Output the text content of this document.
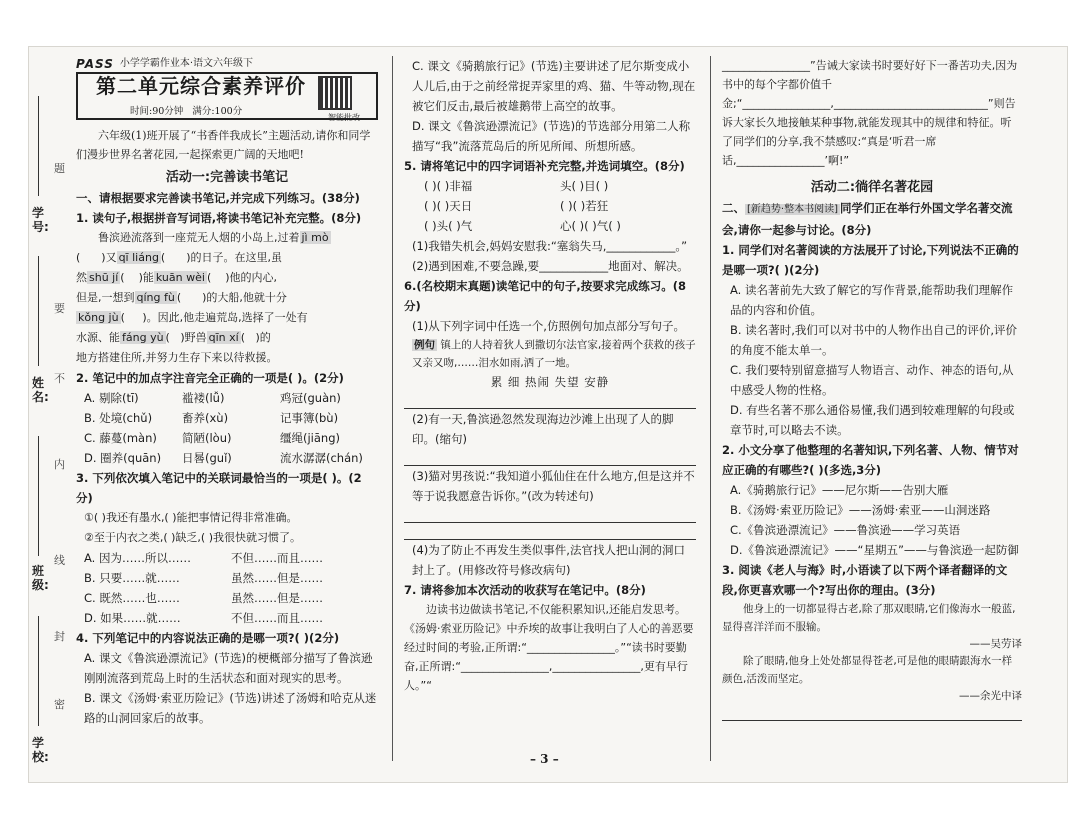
学号:
姓名:
班级:
学校:
题
要
不
内
线
封
密
PASS 小学学霸作业本·语文六年级下
第二单元综合素养评价
时间:90分钟 满分:100分
智能批改

六年级(1)班开展了“书香伴我成长”主题活动,请你和同学们漫步世界名著花园,一起探索更广阔的天地吧!

活动一:完善读书笔记
一、请根据要求完善读书笔记,并完成下列练习。(38分)
1. 读句子,根据拼音写词语,将读书笔记补充完整。(8分)
鲁滨逊流落到一座荒无人烟的小岛上,过着 jì mò
( )又 qī liáng ( )的日子。在这里,虽
然 shū jí ( )能 kuān wèi ( )他的内心,
但是,一想到 qíng fù ( )的大船,他就十分
kǒng jù ( )。因此,他走遍荒岛,选择了一处有
水源、能 fáng yù ( )野兽 qīn xí ( )的
地方搭建住所,并努力生存下来以待救援。
2. 笔记中的加点字注音完全正确的一项是( )。(2分)
A. 剔除(tī)	褴褛(lǚ)	鸡冠(guàn)
B. 处境(chǔ)	畜养(xù)	记事簿(bù)
C. 藤蔓(màn)	简陋(lòu)	缰绳(jiāng)
D. 圈养(quān)	日晷(guǐ)	流水潺潺(chán)
3. 下列依次填入笔记中的关联词最恰当的一项是( )。(2分)
①( )我还有墨水,( )能把事情记得非常准确。
②至于内衣之类,( )缺乏,( )我很快就习惯了。
A. 因为……所以……	不但……而且……
B. 只要……就……	虽然……但是……
C. 既然……也……	虽然……但是……
D. 如果……就……	不但……而且……
4. 下列笔记中的内容说法正确的是哪一项?( )(2分)
A. 课文《鲁滨逊漂流记》(节选)的梗概部分描写了鲁滨逊刚刚流落到荒岛上时的生活状态和面对现实的思考。
B. 课文《汤姆·索亚历险记》(节选)讲述了汤姆和哈克从迷路的山洞回家后的故事。
C. 课文《骑鹅旅行记》(节选)主要讲述了尼尔斯变成小人儿后,由于之前经常捉弄家里的鸡、猫、牛等动物,现在被它们反击,最后被雄鹅带上高空的故事。
D. 课文《鲁滨逊漂流记》(节选)的节选部分用第二人称描写“我”流落荒岛后的所见所闻、所想所感。
5. 请将笔记中的四字词语补充完整,并选词填空。(8分)
( )( )非福	头( )目( )
( )( )天日	( )( )若狂
( )头( )气	心( )( )气( )
(1)我错失机会,妈妈安慰我:“塞翁失马,____________。”
(2)遇到困难,不要急躁,要____________地面对、解决。
6.(名校期末真题)读笔记中的句子,按要求完成练习。(8分)
(1)从下列字词中任选一个,仿照例句加点部分写句子。
例句 镇上的人持着狄人到撒切尔法官家,接着两个获救的孩子又亲又吻,……泪水如雨,洒了一地。
累 细 热闹 失望 安静
(2)有一天,鲁滨逊忽然发现海边沙滩上出现了人的脚印。(缩句)
(3)猫对男孩说:“我知道小狐仙住在什么地方,但是这并不等于说我愿意告诉你。”(改为转述句)
(4)为了防止不再发生类似事件,法官找人把山洞的洞口封上了。(用修改符号修改病句)
7. 请将参加本次活动的收获写在笔记中。(8分)
边读书边做读书笔记,不仅能积累知识,还能启发思考。《汤姆·索亚历险记》中乔埃的故事让我明白了人心的善恶要经过时间的考验,正所谓:“________________。”“读书时要勤奋,正所谓:“________________,________________,更有早行人。”“
________________”告诫大家读书时要好好下一番苦功夫,因为书中的每个字都价值千金;“________________,____________________________”则告诉大家长久地接触某种事物,就能发现其中的规律和特征。听了同学们的分享,我不禁感叹:“真是‘听君一席话,________________’啊!”
活动二:徜徉名著花园
二、 [新趋势·整本书阅读] 同学们正在举行外国文学名著交流会,请你一起参与讨论。(8分)
1. 同学们对名著阅读的方法展开了讨论,下列说法不正确的是哪一项?( )(2分)
A. 读名著前先大致了解它的写作背景,能帮助我们理解作品的内容和价值。
B. 读名著时,我们可以对书中的人物作出自己的评价,评价的角度不能太单一。
C. 我们要特别留意描写人物语言、动作、神态的语句,从中感受人物的性格。
D. 有些名著不那么通俗易懂,我们遇到较难理解的句段或章节时,可以略去不读。
2. 小文分享了他整理的名著知识,下列名著、人物、情节对应正确的有哪些?( )(多选,3分)
A.《骑鹅旅行记》——尼尔斯——告别大雁
B.《汤姆·索亚历险记》——汤姆·索亚——山洞迷路
C.《鲁滨逊漂流记》——鲁滨逊——学习英语
D.《鲁滨逊漂流记》——“星期五”——与鲁滨逊一起防御
3. 阅读《老人与海》时,小语读了以下两个译者翻译的文段,你更喜欢哪一个?写出你的理由。(3分)
他身上的一切都显得古老,除了那双眼睛,它们像海水一般蓝,显得喜洋洋而不服输。
——吴劳译
除了眼睛,他身上处处都显得苍老,可是他的眼睛跟海水一样颜色,活泼而坚定。
——余光中译
– 3 –
